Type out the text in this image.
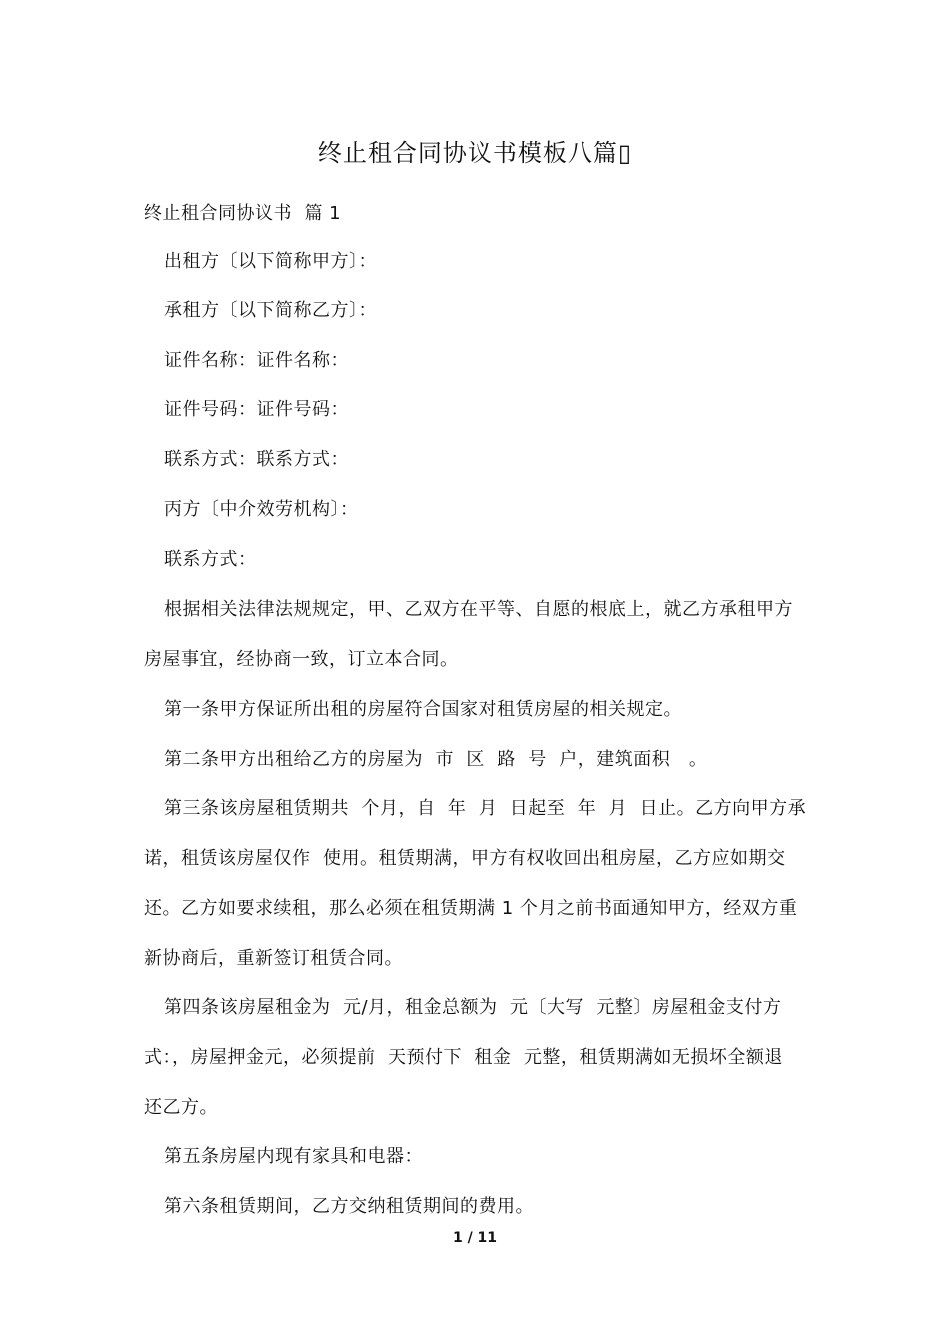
终止租合同协议书模板八篇▯
终止租合同协议书  篇 1
出租方〔以下简称甲方〕：
承租方〔以下简称乙方〕：
证件名称：证件名称：
证件号码：证件号码：
联系方式：联系方式：
丙方〔中介效劳机构〕：
联系方式：
根据相关法律法规规定，甲、乙双方在平等、自愿的根底上，就乙方承租甲方
房屋事宜，经协商一致，订立本合同。
第一条甲方保证所出租的房屋符合国家对租赁房屋的相关规定。
第二条甲方出租给乙方的房屋为  市  区  路  号  户，建筑面积   。
第三条该房屋租赁期共  个月，自  年  月  日起至  年  月  日止。乙方向甲方承
诺，租赁该房屋仅作  使用。租赁期满，甲方有权收回出租房屋，乙方应如期交
还。乙方如要求续租，那么必须在租赁期满 1 个月之前书面通知甲方，经双方重
新协商后，重新签订租赁合同。
第四条该房屋租金为  元/月，租金总额为  元〔大写  元整〕房屋租金支付方
式：，房屋押金元，必须提前  天预付下  租金  元整，租赁期满如无损坏全额退
还乙方。
第五条房屋内现有家具和电器：
第六条租赁期间，乙方交纳租赁期间的费用。
1 / 11
